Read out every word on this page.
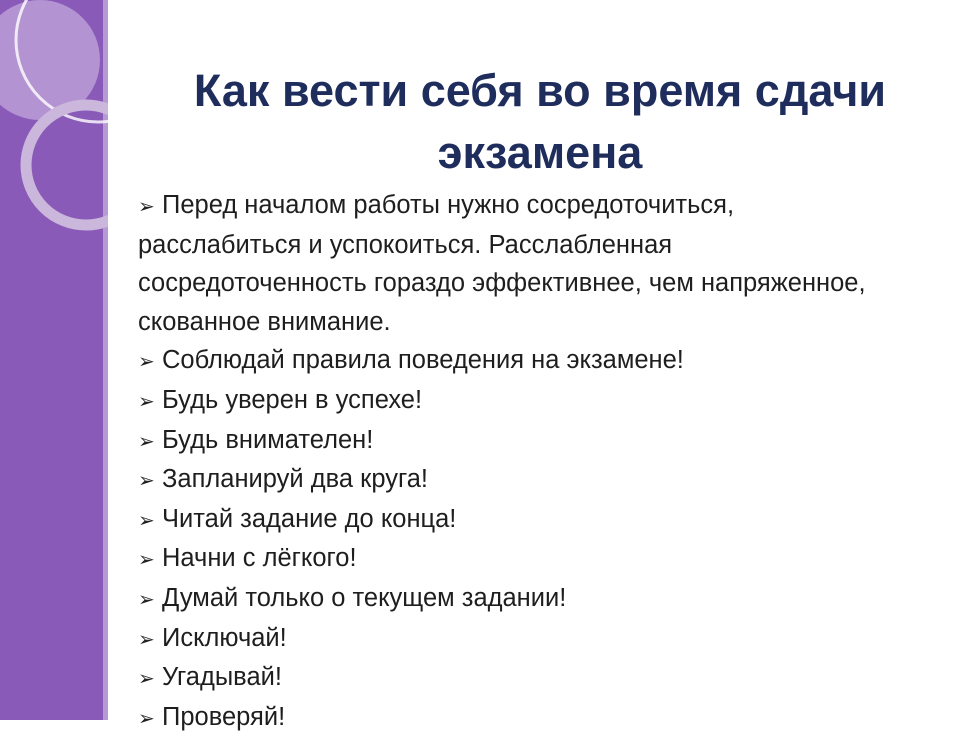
Как вести себя во время сдачи экзамена
➢ Перед началом работы нужно сосредоточиться, расслабиться и успокоиться. Расслабленная сосредоточенность гораздо эффективнее, чем напряженное, скованное внимание.
➢ Соблюдай правила поведения на экзамене!
➢ Будь уверен в успехе!
➢ Будь внимателен!
➢ Запланируй два круга!
➢ Читай задание до конца!
➢ Начни с лёгкого!
➢ Думай только о текущем задании!
➢ Исключай!
➢ Угадывай!
➢ Проверяй!
